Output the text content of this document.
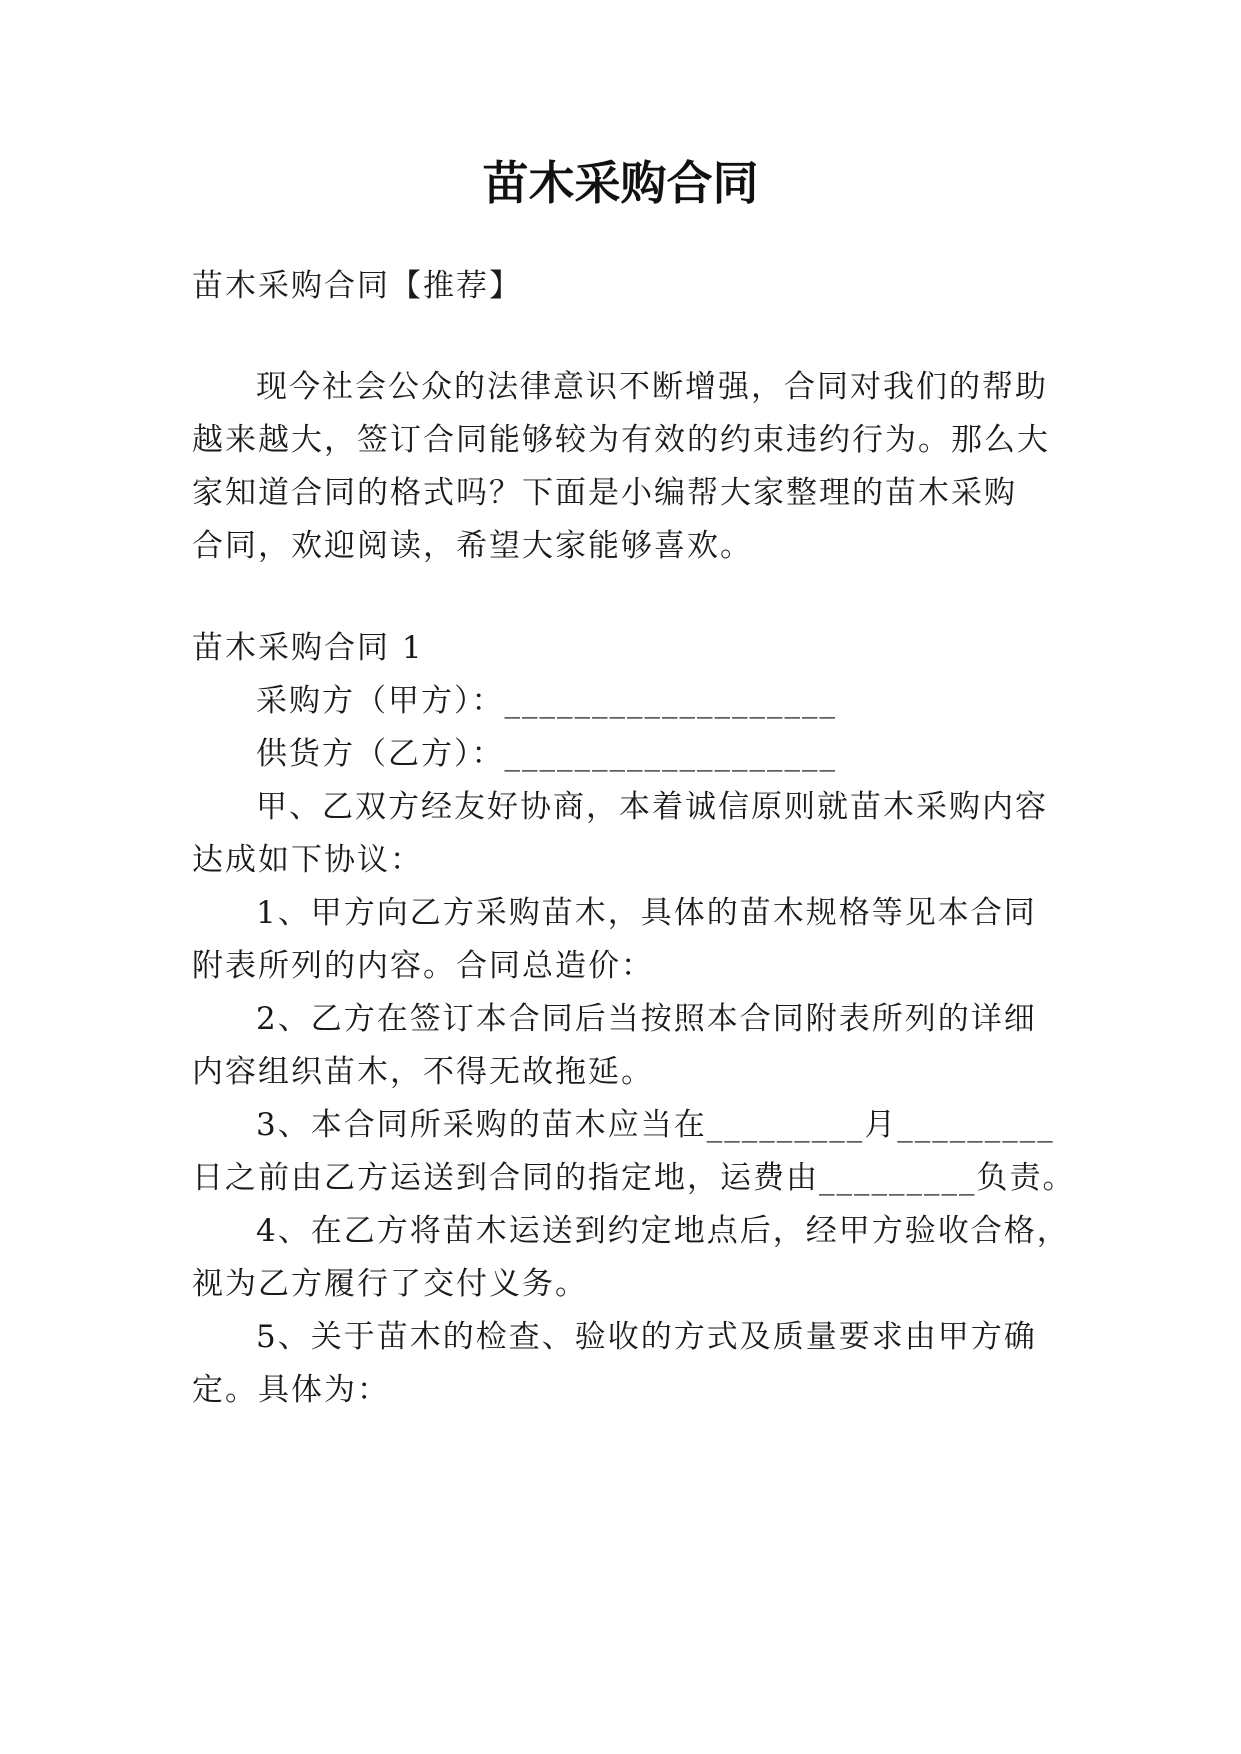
苗木采购合同
苗木采购合同【推荐】
现今社会公众的法律意识不断增强，合同对我们的帮助
越来越大，签订合同能够较为有效的约束违约行为。那么大
家知道合同的格式吗？下面是小编帮大家整理的苗木采购
合同，欢迎阅读，希望大家能够喜欢。
苗木采购合同 1
采购方（甲方）：___________________
供货方（乙方）：___________________
甲、乙双方经友好协商，本着诚信原则就苗木采购内容
达成如下协议：
1、甲方向乙方采购苗木，具体的苗木规格等见本合同
附表所列的内容。合同总造价：
2、乙方在签订本合同后当按照本合同附表所列的详细
内容组织苗木，不得无故拖延。
3、本合同所采购的苗木应当在_________月_________
日之前由乙方运送到合同的指定地，运费由_________负责。
4、在乙方将苗木运送到约定地点后，经甲方验收合格，
视为乙方履行了交付义务。
5、关于苗木的检查、验收的方式及质量要求由甲方确
定。具体为：
